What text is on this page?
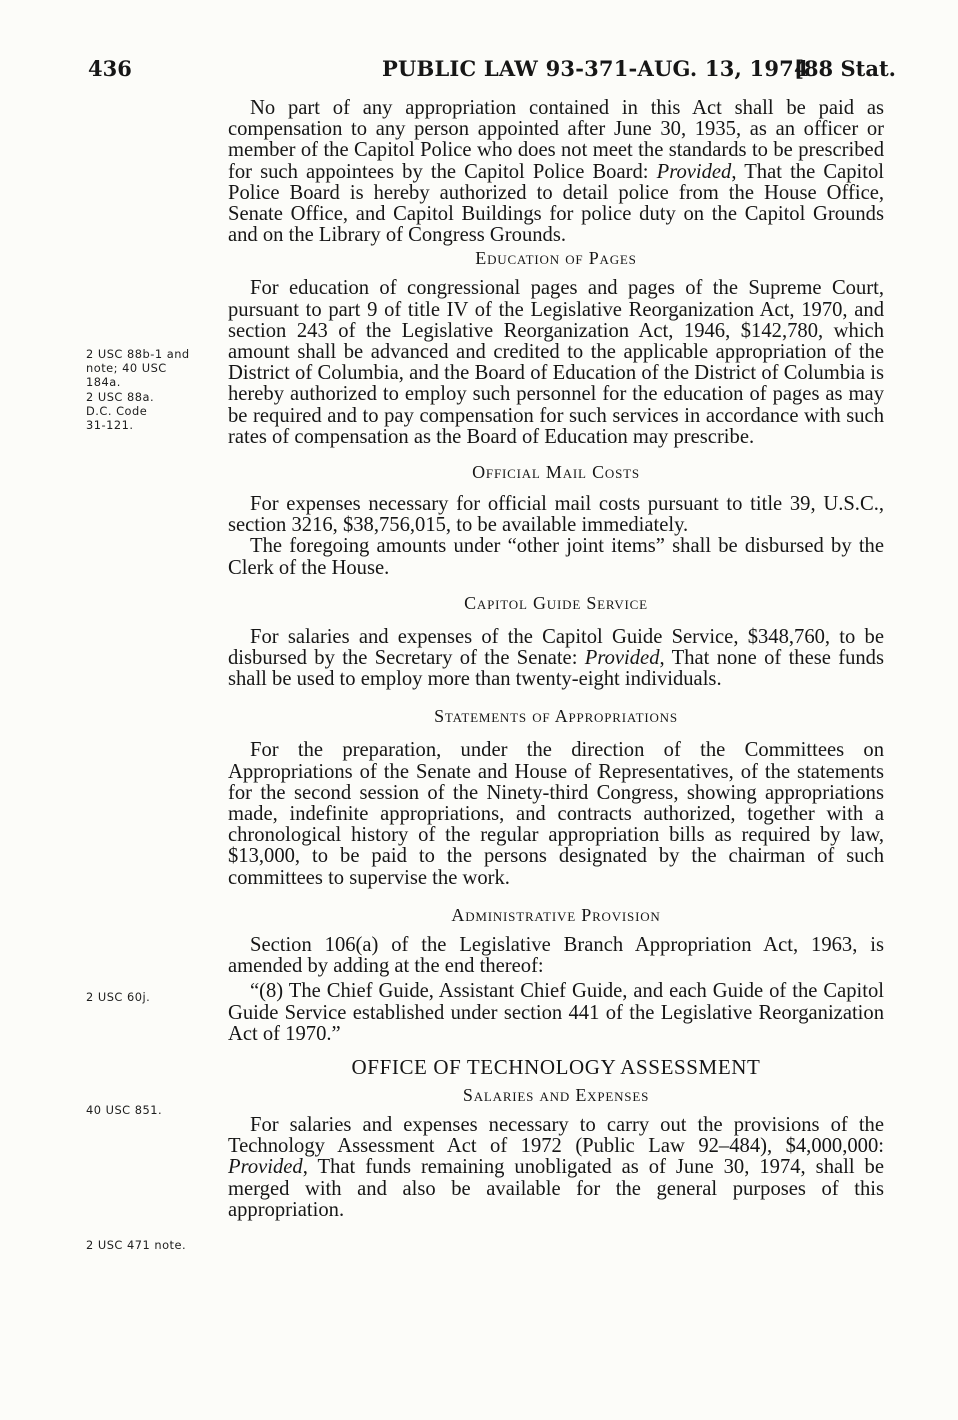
436	PUBLIC LAW 93-371-AUG. 13, 1974
[88 Stat.
2 USC 88b-1 and
note; 40 USC
184a.
2 USC 88a.
D.C. Code
31-121.
2 USC 60j.
40 USC 851.
2 USC 471 note.

No part of any appropriation contained in this Act shall be paid as compensation to any person appointed after June 30, 1935, as an officer or member of the Capitol Police who does not meet the standards to be prescribed for such appointees by the Capitol Police Board: Provided, That the Capitol Police Board is hereby authorized to detail police from the House Office, Senate Office, and Capitol Buildings for police duty on the Capitol Grounds and on the Library of Congress Grounds.

Education of Pages

For education of congressional pages and pages of the Supreme Court, pursuant to part 9 of title IV of the Legislative Reorganization Act, 1970, and section 243 of the Legislative Reorganization Act, 1946, $142,780, which amount shall be advanced and credited to the applicable appropriation of the District of Columbia, and the Board of Education of the District of Columbia is hereby authorized to employ such personnel for the education of pages as may be required and to pay compensation for such services in accordance with such rates of compensation as the Board of Education may prescribe.

Official Mail Costs

For expenses necessary for official mail costs pursuant to title 39, U.S.C., section 3216, $38,756,015, to be available immediately.

The foregoing amounts under “other joint items” shall be disbursed by the Clerk of the House.

Capitol Guide Service

For salaries and expenses of the Capitol Guide Service, $348,760, to be disbursed by the Secretary of the Senate: Provided, That none of these funds shall be used to employ more than twenty-eight individuals.

Statements of Appropriations

For the preparation, under the direction of the Committees on Appropriations of the Senate and House of Representatives, of the statements for the second session of the Ninety-third Congress, showing appropriations made, indefinite appropriations, and contracts authorized, together with a chronological history of the regular appropriation bills as required by law, $13,000, to be paid to the persons designated by the chairman of such committees to supervise the work.

Administrative Provision

Section 106(a) of the Legislative Branch Appropriation Act, 1963, is amended by adding at the end thereof:

“(8) The Chief Guide, Assistant Chief Guide, and each Guide of the Capitol Guide Service established under section 441 of the Legislative Reorganization Act of 1970.”

OFFICE OF TECHNOLOGY ASSESSMENT
Salaries and Expenses

For salaries and expenses necessary to carry out the provisions of the Technology Assessment Act of 1972 (Public Law 92–484), $4,000,000: Provided, That funds remaining unobligated as of June 30, 1974, shall be merged with and also be available for the general purposes of this appropriation.
